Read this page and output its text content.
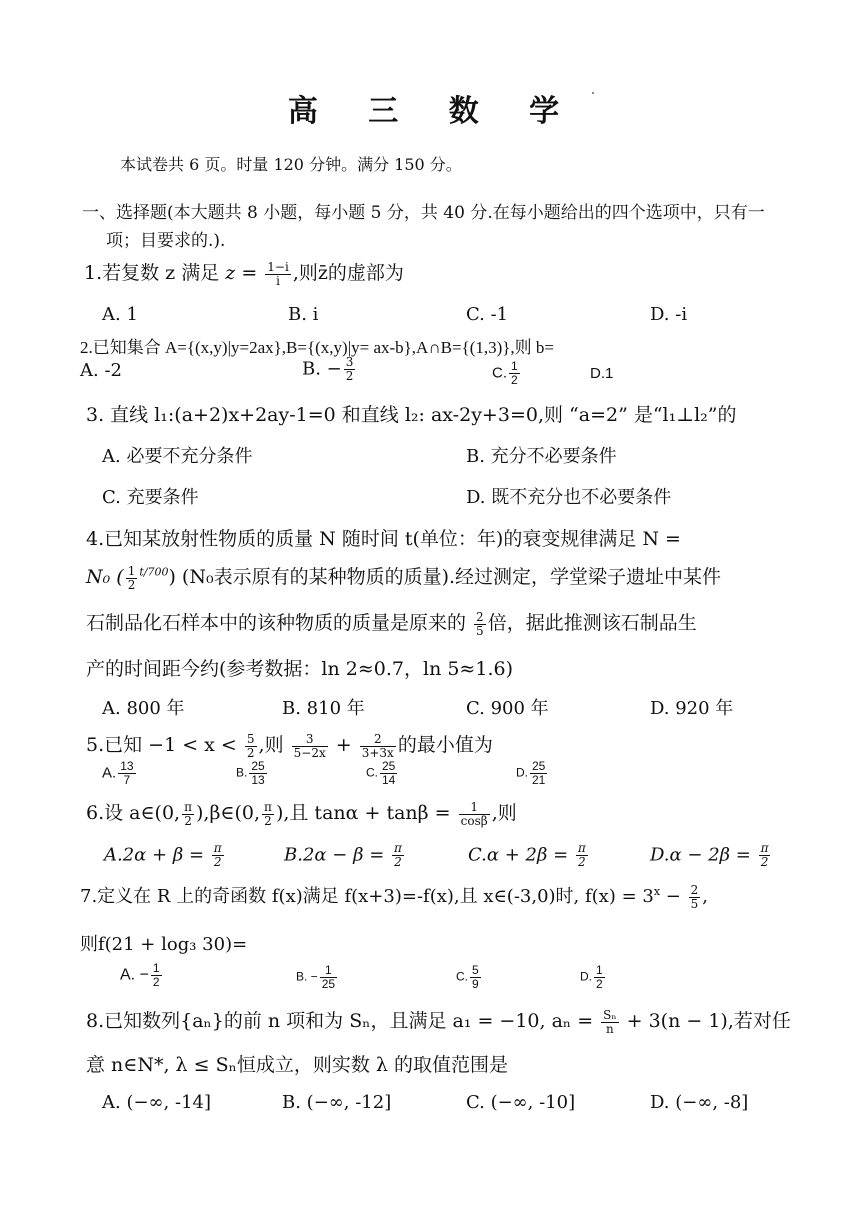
高 三 数 学
本试卷共 6 页。时量 120 分钟。满分 150 分。
一、选择题(本大题共 8 小题，每小题 5 分，共 40 分.在每小题给出的四个选项中，只有一
项；目要求的.).
1.若复数 z 满足 $z = \frac{1-i}{i}$ ,则z̄的虚部为
A. 1	B. i	C. -1	D. -i
2.已知集合 A={(x,y)|y=2ax},B={(x,y)|y= ax-b},A∩B={(1,3)},则 b=
A. -2	B. − $\frac{3}{2}$	C. $\frac{1}{2}$	D.1
3. 直线 l₁:(a+2)x+2ay-1=0 和直线 l₂: ax-2y+3=0,则 “a=2” 是“l₁⊥l₂”的
A. 必要不充分条件	B. 充分不必要条件
C. 充要条件	D. 既不充分也不必要条件
4.已知某放射性物质的质量 N 随时间 t(单位：年)的衰变规律满足 N =
N₀ ( $\frac{1}{2} ^{t/700}$) (N₀表示原有的某种物质的质量).经过测定，学堂梁子遗址中某件
石制品化石样本中的该种物质的质量是原来的 $\frac{2}{5}$ 倍，据此推测该石制品生
产的时间距今约(参考数据：ln 2≈0.7，ln 5≈1.6)
A. 800 年	B. 810 年	C. 900 年	D. 920 年
5.已知 $-1 < x < \frac{5}{2}$ ,则 $\frac{3}{5-2x} + \frac{2}{3+3x}$ 的最小值为
A. $\frac{13}{7}$	B. $\frac{25}{13}$	C. $\frac{25}{14}$	D. $\frac{25}{21}$
6.设 a∈(0, $\frac{\pi}{2}$ ),β∈(0, $\frac{\pi}{2}$ ),且 $\tan\alpha + \tan\beta = \frac{1}{\cos\beta}$ ,则
$A.2\alpha + \beta = \frac{\pi}{2}$	$B.2\alpha - \beta = \frac{\pi}{2}$	$C.\alpha + 2\beta = \frac{\pi}{2}$	$D.\alpha - 2\beta = \frac{\pi}{2}$
7.定义在 R 上的奇函数 f(x)满足 f(x+3)=-f(x),且 x∈(-3,0)时, $f(x) = 3^x - \frac{2}{5}$ ,
则f(21 + log₃ 30)=
A. − $\frac{1}{2}$	B. − $\frac{1}{25}$	C. $\frac{5}{9}$	D. $\frac{1}{2}$
8.已知数列{aₙ}的前 n 项和为 Sₙ，且满足 a₁ = −10, $a_n = \frac{\text{Sₙ}}{n} + 3(n - 1)$,若对任
意 n∈N*, λ ≤ Sₙ恒成立，则实数 λ 的取值范围是
A. (−∞, -14]	B. (−∞, -12]	C. (−∞, -10]	D. (−∞, -8]
